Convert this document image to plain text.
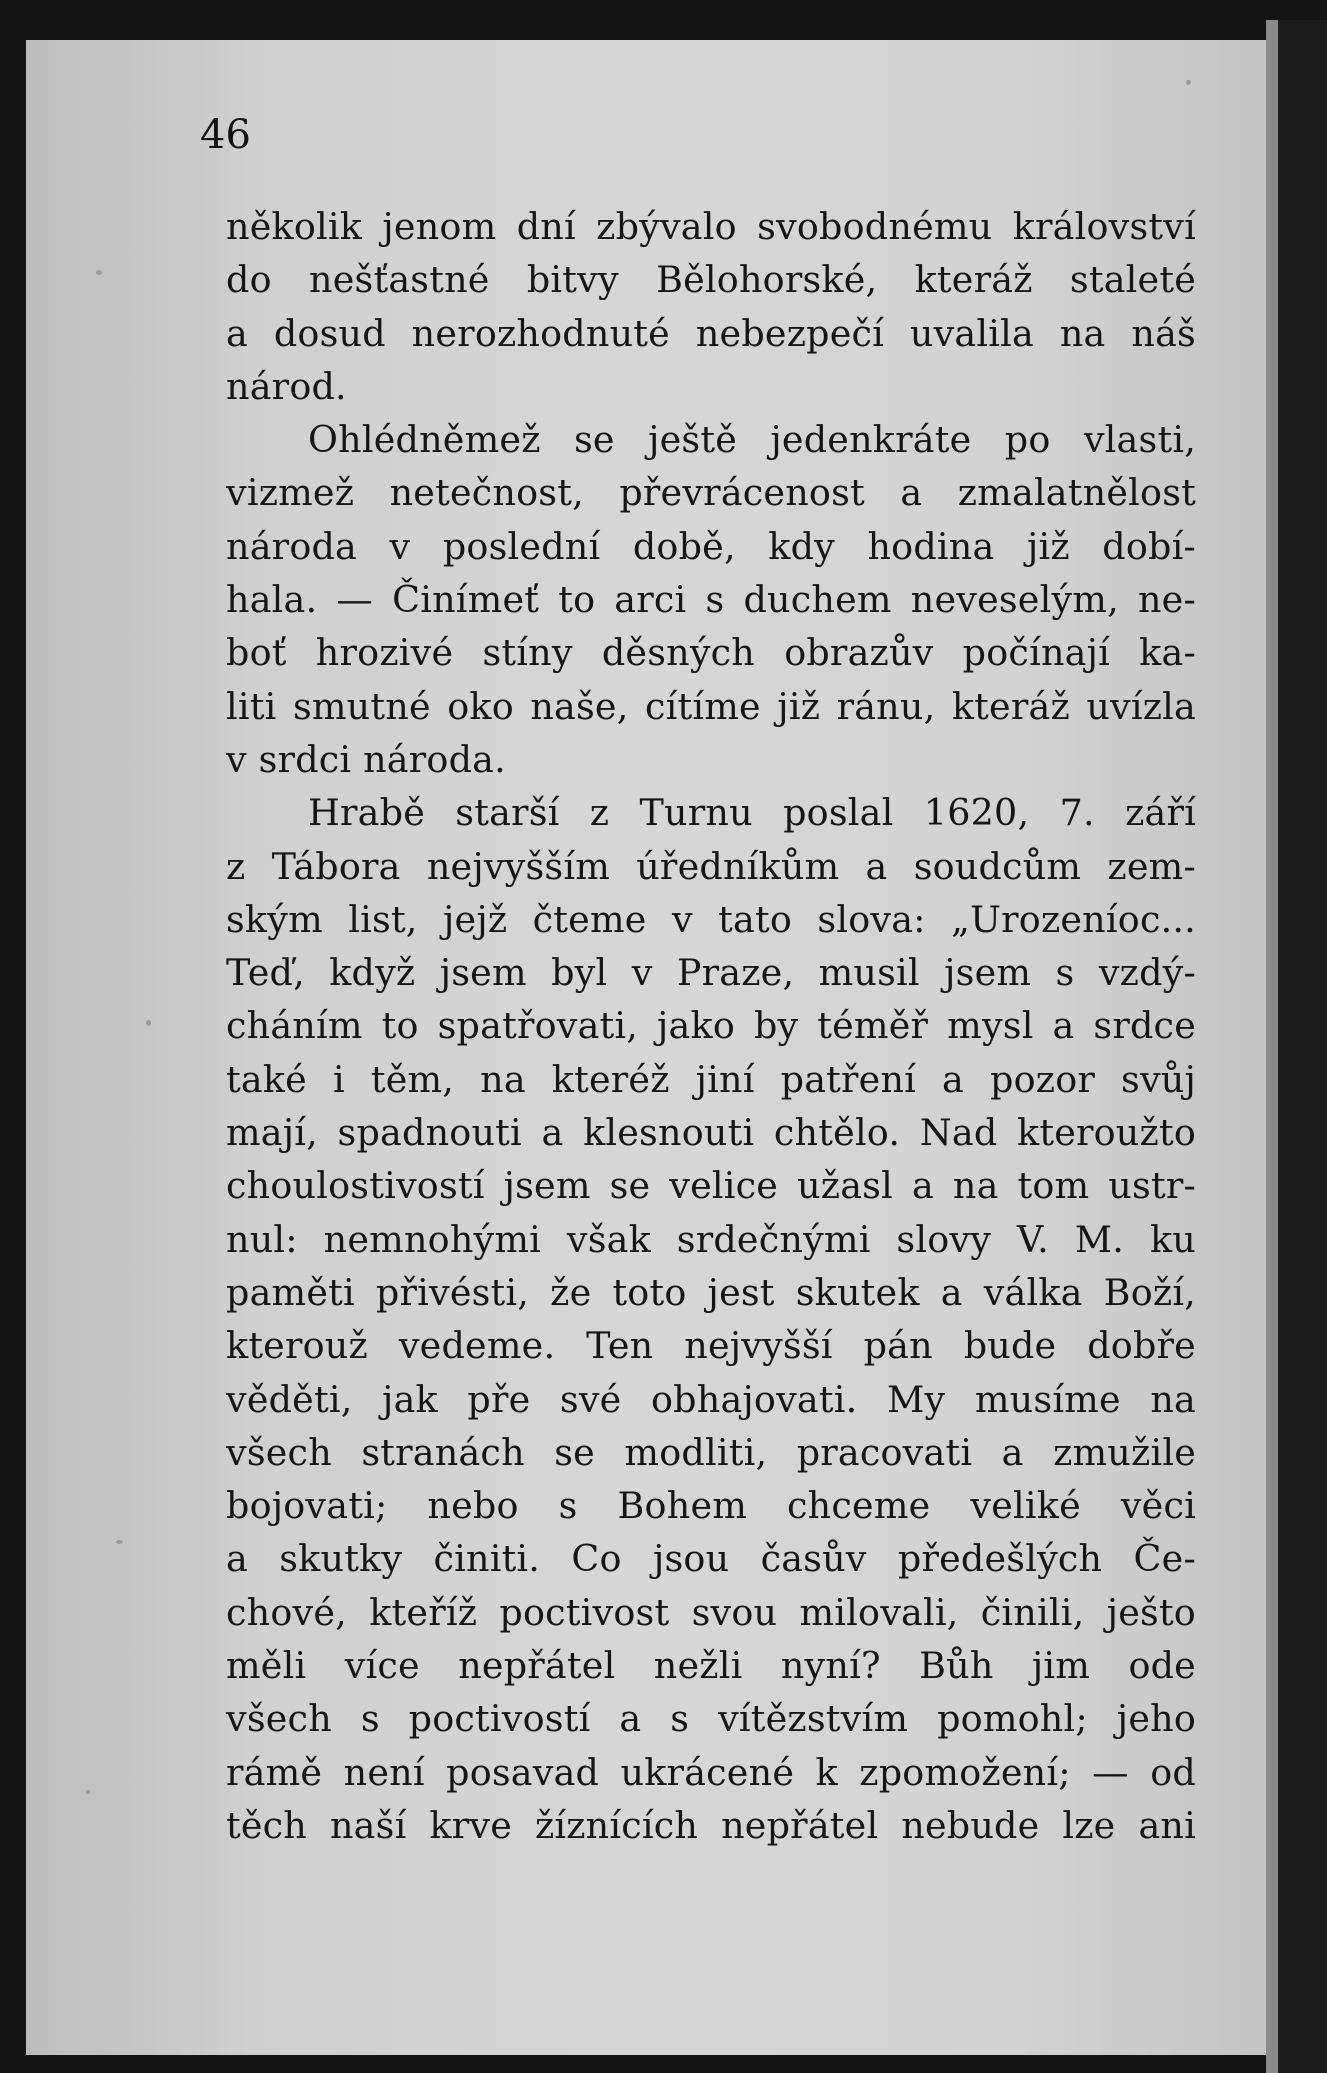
46
několik jenom dní zbývalo svobodnému království
do nešťastné bitvy Bělohorské, kteráž staleté
a dosud nerozhodnuté nebezpečí uvalila na náš
národ.
Ohlédněmež se ještě jedenkráte po vlasti,
vizmež netečnost, převrácenost a zmalatnělost
národa v poslední době, kdy hodina již dobí-
hala. — Činímeť to arci s duchem neveselým, ne-
boť hrozivé stíny děsných obrazův počínají ka-
liti smutné oko naše, cítíme již ránu, kteráž uvízla
v srdci národa.
Hrabě starší z Turnu poslal 1620, 7. září
z Tábora nejvyšším úředníkům a soudcům zem-
ským list, jejž čteme v tato slova: „Urozeníoc...
Teď, když jsem byl v Praze, musil jsem s vzdý-
cháním to spatřovati, jako by téměř mysl a srdce
také i těm, na kteréž jiní patření a pozor svůj
mají, spadnouti a klesnouti chtělo. Nad kteroužto
choulostivostí jsem se velice užasl a na tom ustr-
nul: nemnohými však srdečnými slovy V. M. ku
paměti přivésti, že toto jest skutek a válka Boží,
kterouž vedeme. Ten nejvyšší pán bude dobře
věděti, jak pře své obhajovati. My musíme na
všech stranách se modliti, pracovati a zmužile
bojovati; nebo s Bohem chceme veliké věci
a skutky činiti. Co jsou časův předešlých Če-
chové, kteříž poctivost svou milovali, činili, ješto
měli více nepřátel nežli nyní? Bůh jim ode
všech s poctivostí a s vítězstvím pomohl; jeho
rámě není posavad ukrácené k zpomožení; — od
těch naší krve žíznících nepřátel nebude lze ani
